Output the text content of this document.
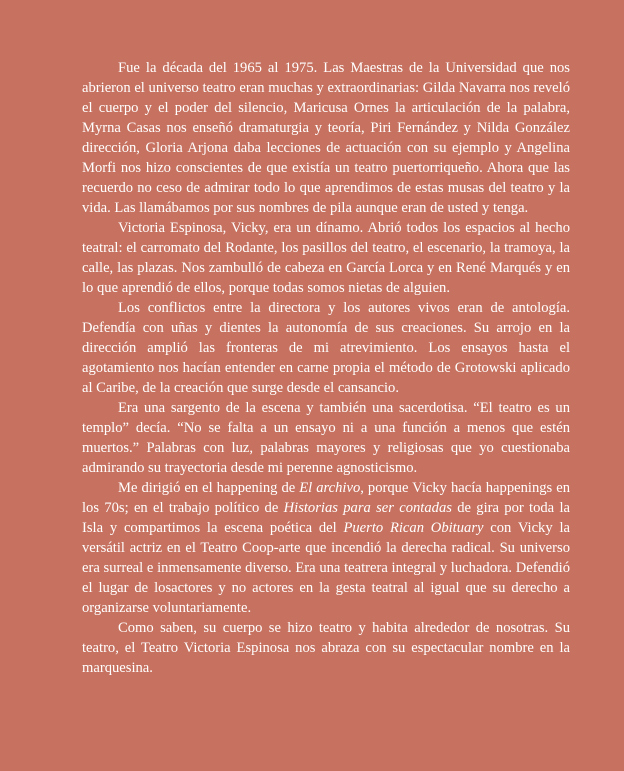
Fue la década del 1965 al 1975. Las Maestras de la Universidad que nos abrieron el universo teatro eran muchas y extraordinarias: Gilda Navarra nos reveló el cuerpo y el poder del silencio, Maricusa Ornes la articulación de la palabra, Myrna Casas nos enseñó dramaturgia y teoría, Piri Fernández y Nilda González dirección, Gloria Arjona daba lecciones de actuación con su ejemplo y Angelina Morfi nos hizo conscientes de que existía un teatro puertorriqueño. Ahora que las recuerdo no ceso de admirar todo lo que aprendimos de estas musas del teatro y la vida. Las llamábamos por sus nombres de pila aunque eran de usted y tenga.

Victoria Espinosa, Vicky, era un dínamo. Abrió todos los espacios al hecho teatral: el carromato del Rodante, los pasillos del teatro, el escenario, la tramoya, la calle, las plazas. Nos zambulló de cabeza en García Lorca y en René Marqués y en lo que aprendió de ellos, porque todas somos nietas de alguien.

Los conflictos entre la directora y los autores vivos eran de antología. Defendía con uñas y dientes la autonomía de sus creaciones. Su arrojo en la dirección amplió las fronteras de mi atrevimiento. Los ensayos hasta el agotamiento nos hacían entender en carne propia el método de Grotowski aplicado al Caribe, de la creación que surge desde el cansancio.

Era una sargento de la escena y también una sacerdotisa. “El teatro es un templo” decía. “No se falta a un ensayo ni a una función a menos que estén muertos.” Palabras con luz, palabras mayores y religiosas que yo cuestionaba admirando su trayectoria desde mi perenne agnosticismo.

Me dirigió en el happening de El archivo, porque Vicky hacía happenings en los 70s; en el trabajo político de Historias para ser contadas de gira por toda la Isla y compartimos la escena poética del Puerto Rican Obituary con Vicky la versátil actriz en el Teatro Coop-arte que incendió la derecha radical. Su universo era surreal e inmensamente diverso. Era una teatrera integral y luchadora. Defendió el lugar de losactores y no actores en la gesta teatral al igual que su derecho a organizarse voluntariamente.

Como saben, su cuerpo se hizo teatro y habita alrededor de nosotras. Su teatro, el Teatro Victoria Espinosa nos abraza con su espectacular nombre en la marquesina.
